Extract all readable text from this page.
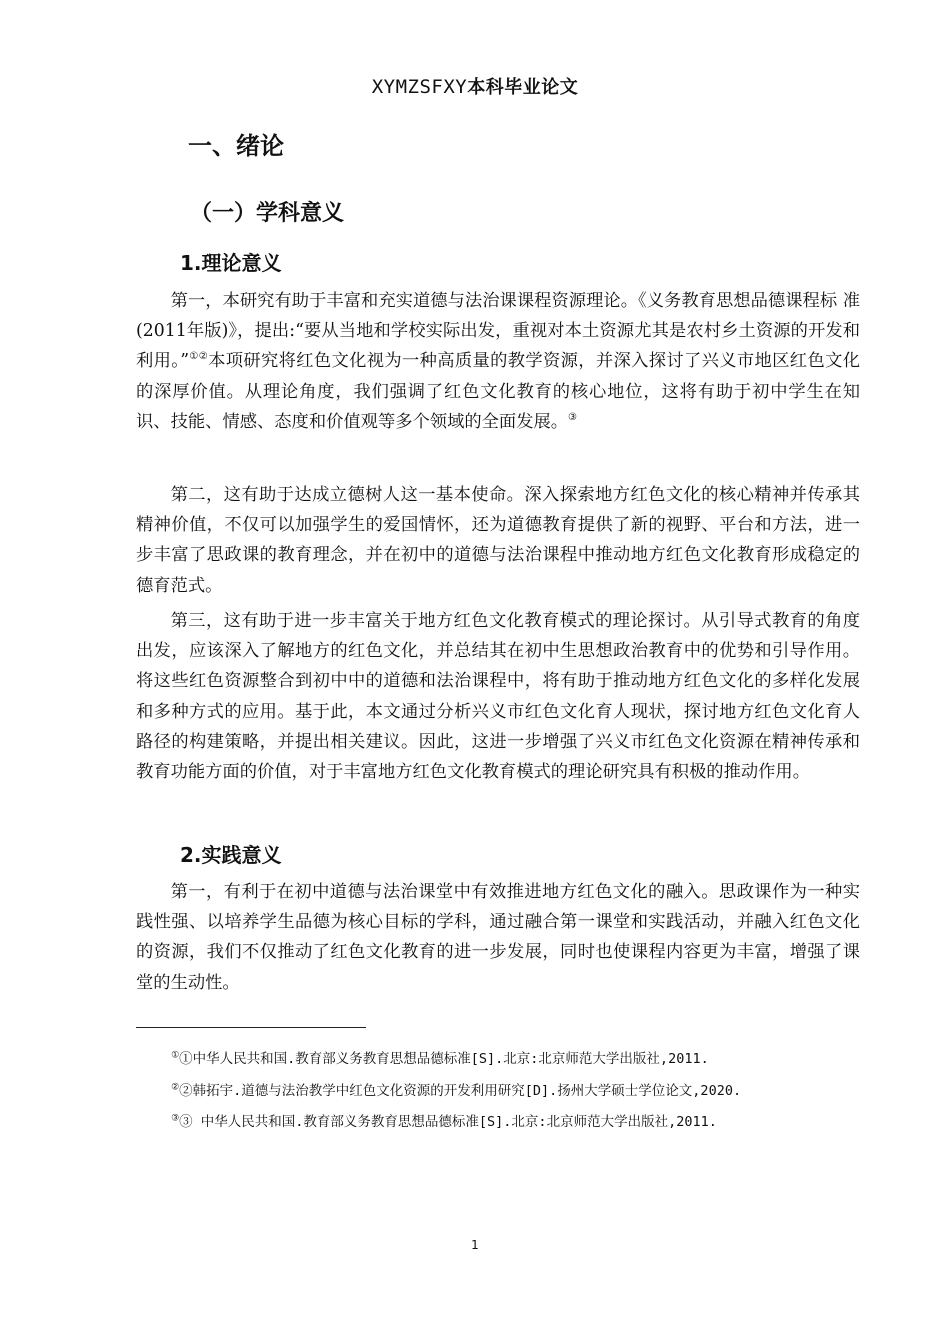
XYMZSFXY本科毕业论文
一、绪论
（一）学科意义
1.理论意义

第一，本研究有助于丰富和充实道德与法治课课程资源理论。《义务教育思想品德课程标 准(2011年版)》，提出:“要从当地和学校实际出发，重视对本土资源尤其是农村乡土资源的开发和利用。”①②本项研究将红色文化视为一种高质量的教学资源，并深入探讨了兴义市地区红色文化的深厚价值。从理论角度，我们强调了红色文化教育的核心地位，这将有助于初中学生在知识、技能、情感、态度和价值观等多个领域的全面发展。③

第二，这有助于达成立德树人这一基本使命。深入探索地方红色文化的核心精神并传承其精神价值，不仅可以加强学生的爱国情怀，还为道德教育提供了新的视野、平台和方法，进一步丰富了思政课的教育理念，并在初中的道德与法治课程中推动地方红色文化教育形成稳定的德育范式。

第三，这有助于进一步丰富关于地方红色文化教育模式的理论探讨。从引导式教育的角度出发，应该深入了解地方的红色文化，并总结其在初中生思想政治教育中的优势和引导作用。将这些红色资源整合到初中中的道德和法治课程中，将有助于推动地方红色文化的多样化发展和多种方式的应用。基于此，本文通过分析兴义市红色文化育人现状，探讨地方红色文化育人路径的构建策略，并提出相关建议。因此，这进一步增强了兴义市红色文化资源在精神传承和教育功能方面的价值，对于丰富地方红色文化教育模式的理论研究具有积极的推动作用。

2.实践意义

第一，有利于在初中道德与法治课堂中有效推进地方红色文化的融入。思政课作为一种实践性强、以培养学生品德为核心目标的学科，通过融合第一课堂和实践活动，并融入红色文化的资源，我们不仅推动了红色文化教育的进一步发展，同时也使课程内容更为丰富，增强了课堂的生动性。

①①中华人民共和国.教育部义务教育思想品德标准[S].北京:北京师范大学出版社,2011.

②②韩拓宇.道德与法治教学中红色文化资源的开发利用研究[D].扬州大学硕士学位论文,2020.

③③ 中华人民共和国.教育部义务教育思想品德标准[S].北京:北京师范大学出版社,2011.

1
